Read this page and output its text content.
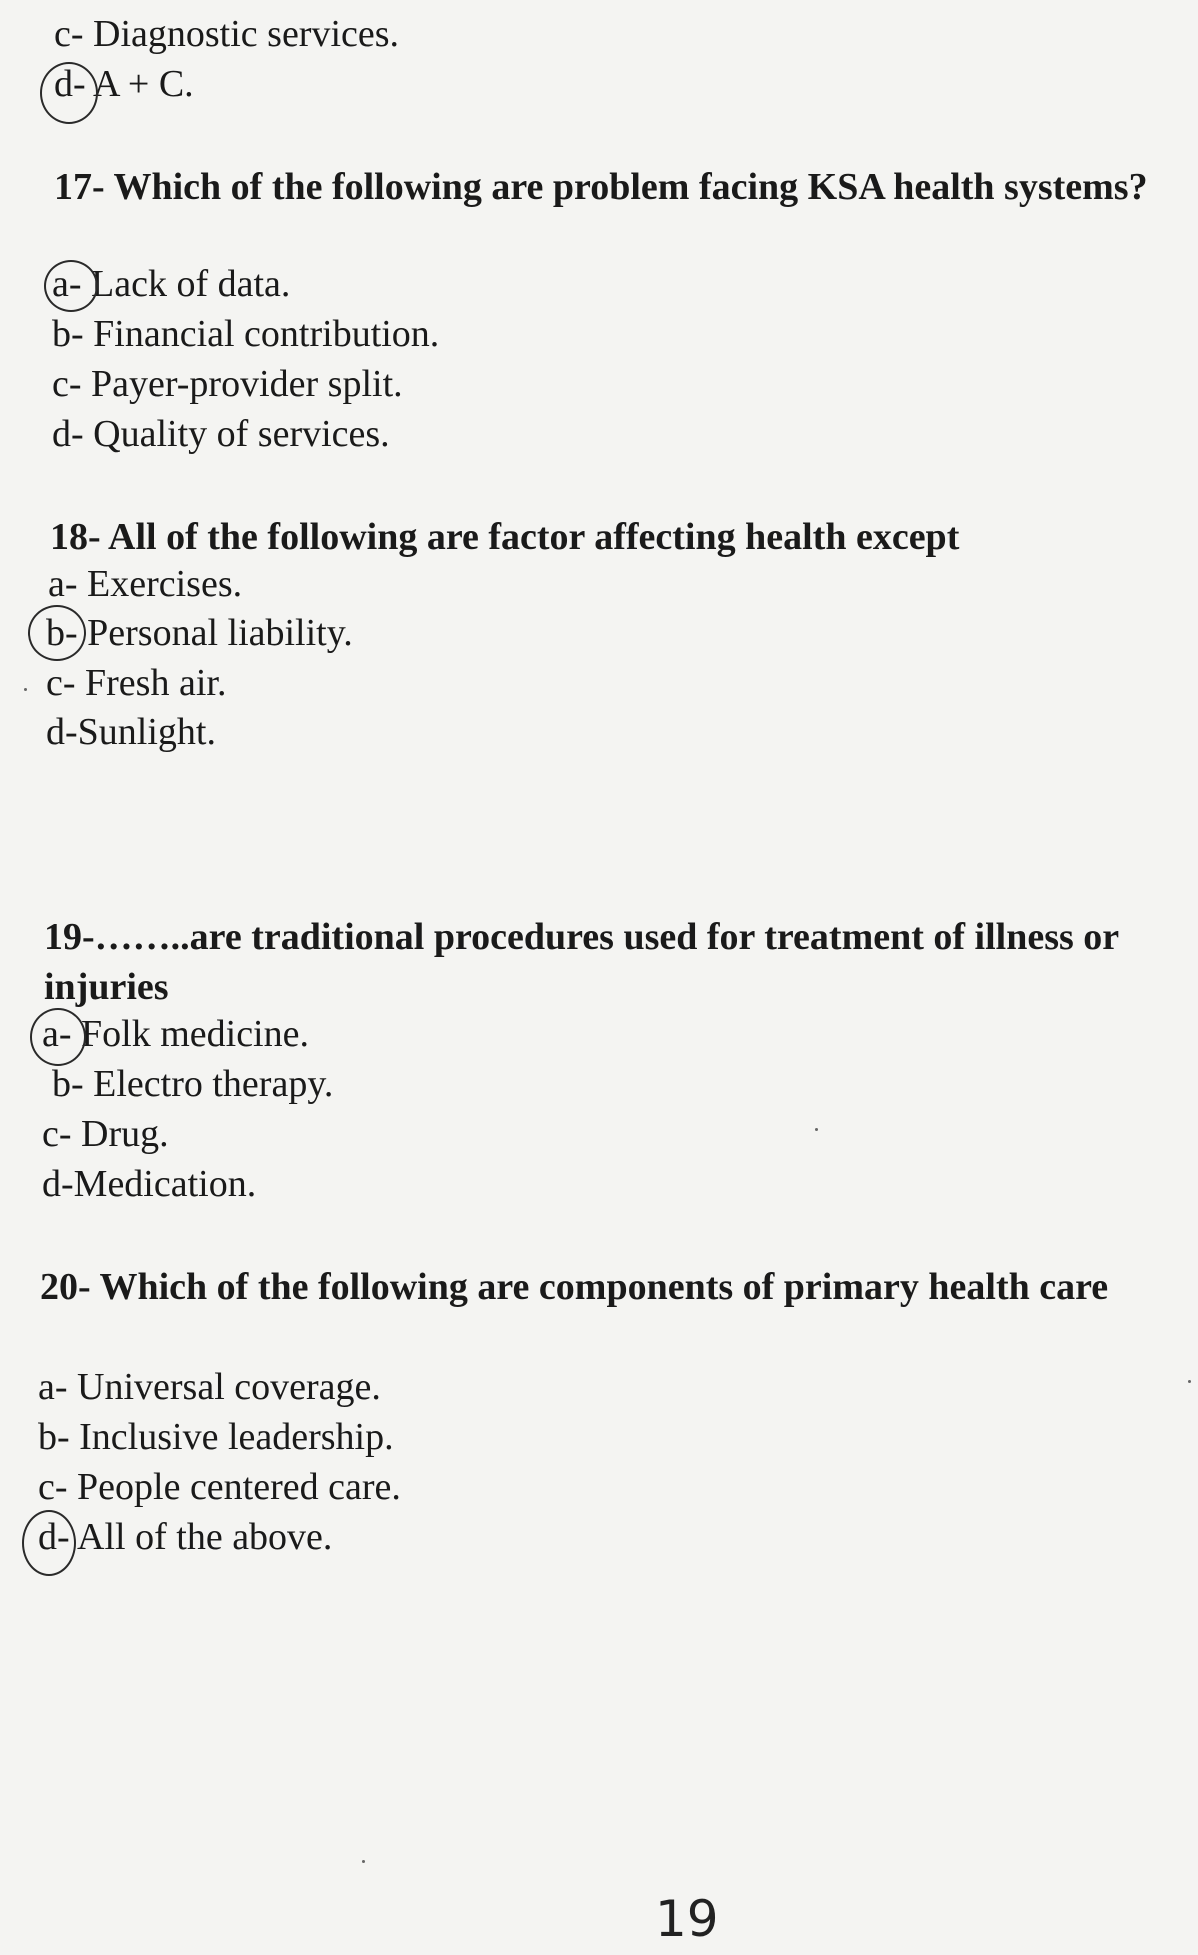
c- Diagnostic services.
d- A + C.
17- Which of the following are problem facing KSA health systems?
a- Lack of data.
b- Financial contribution.
c- Payer-provider split.
d- Quality of services.
18- All of the following are factor affecting health except
a- Exercises.
b- Personal liability.
c- Fresh air.
d-Sunlight.
19-……..are traditional procedures used for treatment of illness or injuries
a- Folk medicine.
b- Electro therapy.
c- Drug.
d-Medication.
20- Which of the following are components of primary health care
a- Universal coverage.
b- Inclusive leadership.
c- People centered care.
d- All of the above.
19
